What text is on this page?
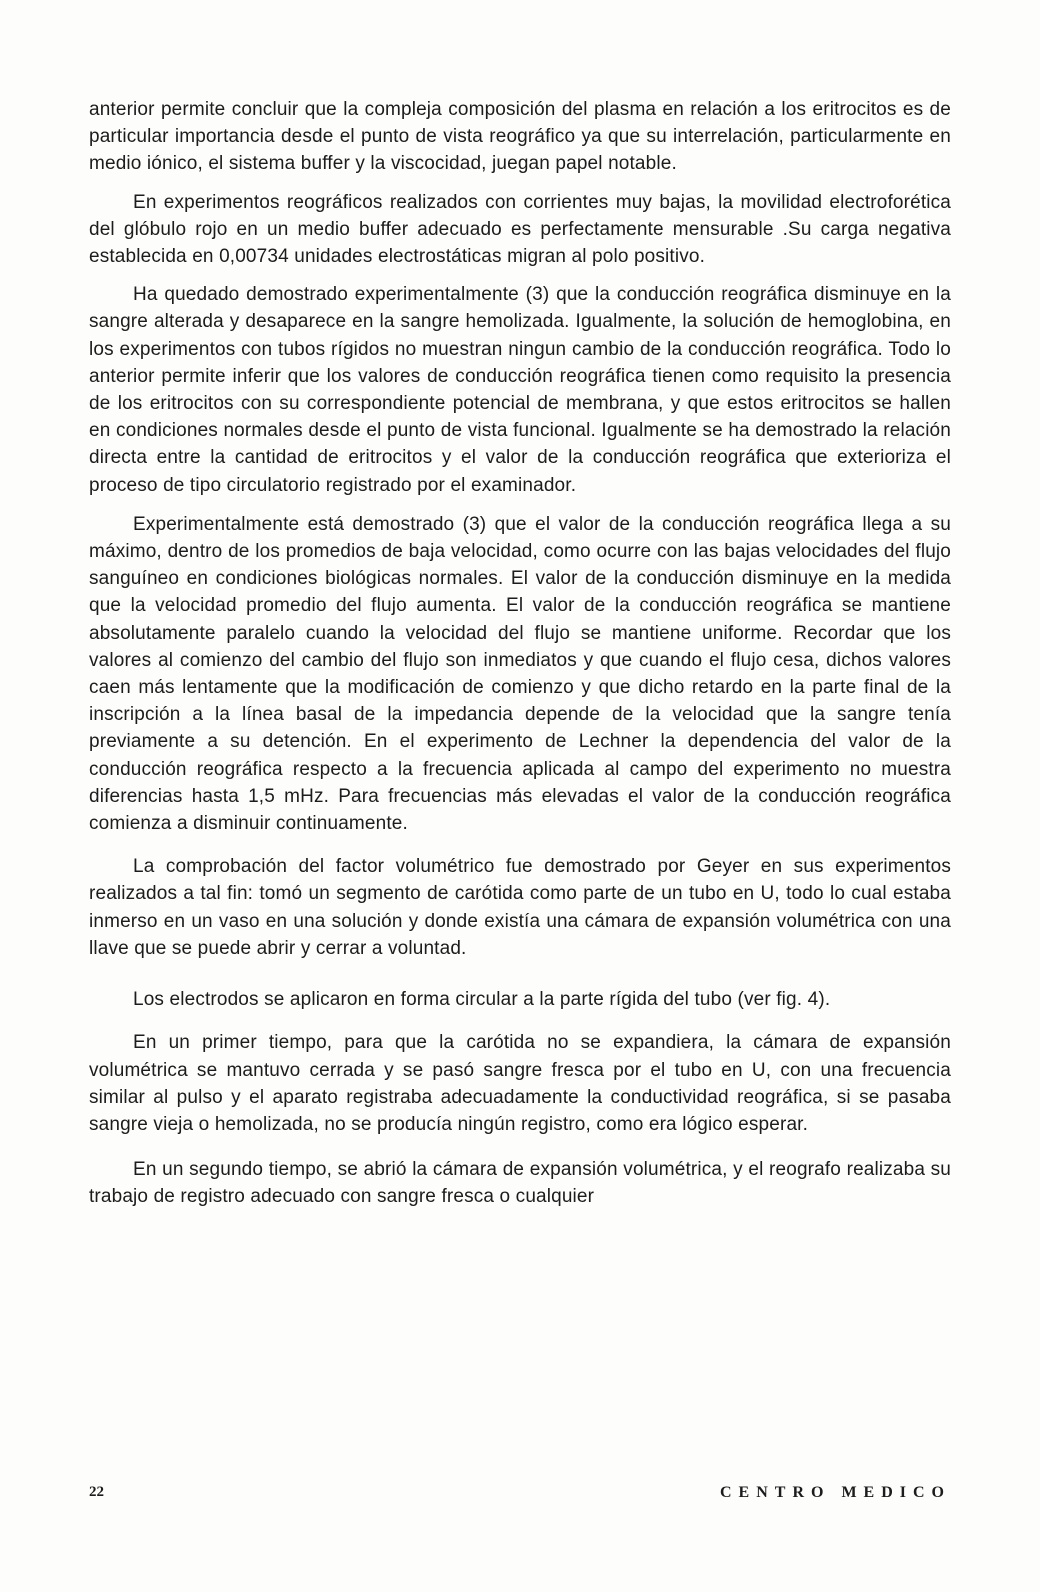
anterior permite concluir que la compleja composición del plasma en relación a los eritrocitos es de particular importancia desde el punto de vista reográfico ya que su interrelación, particularmente en medio iónico, el sistema buffer y la viscocidad, juegan papel notable.

En experimentos reográficos realizados con corrientes muy bajas, la movilidad electroforética del glóbulo rojo en un medio buffer adecuado es perfectamente mensurable .Su carga negativa establecida en 0,00734 unidades electrostáticas migran al polo positivo.

Ha quedado demostrado experimentalmente (3) que la conducción reográfica disminuye en la sangre alterada y desaparece en la sangre hemolizada. Igualmente, la solución de hemoglobina, en los experimentos con tubos rígidos no muestran ningun cambio de la conducción reográfica. Todo lo anterior permite inferir que los valores de conducción reográfica tienen como requisito la presencia de los eritrocitos con su correspondiente potencial de membrana, y que estos eritrocitos se hallen en condiciones normales desde el punto de vista funcional. Igualmente se ha demostrado la relación directa entre la cantidad de eritrocitos y el valor de la conducción reográfica que exterioriza el proceso de tipo circulatorio registrado por el examinador.

Experimentalmente está demostrado (3) que el valor de la conducción reográfica llega a su máximo, dentro de los promedios de baja velocidad, como ocurre con las bajas velocidades del flujo sanguíneo en condiciones biológicas normales. El valor de la conducción disminuye en la medida que la velocidad promedio del flujo aumenta. El valor de la conducción reográfica se mantiene absolutamente paralelo cuando la velocidad del flujo se mantiene uniforme. Recordar que los valores al comienzo del cambio del flujo son inmediatos y que cuando el flujo cesa, dichos valores caen más lentamente que la modificación de comienzo y que dicho retardo en la parte final de la inscripción a la línea basal de la impedancia depende de la velocidad que la sangre tenía previamente a su detención. En el experimento de Lechner la dependencia del valor de la conducción reográfica respecto a la frecuencia aplicada al campo del experimento no muestra diferencias hasta 1,5 mHz. Para frecuencias más elevadas el valor de la conducción reográfica comienza a disminuir continuamente.

La comprobación del factor volumétrico fue demostrado por Geyer en sus experimentos realizados a tal fin: tomó un segmento de carótida como parte de un tubo en U, todo lo cual estaba inmerso en un vaso en una solución y donde existía una cámara de expansión volumétrica con una llave que se puede abrir y cerrar a voluntad.

Los electrodos se aplicaron en forma circular a la parte rígida del tubo (ver fig. 4).

En un primer tiempo, para que la carótida no se expandiera, la cámara de expansión volumétrica se mantuvo cerrada y se pasó sangre fresca por el tubo en U, con una frecuencia similar al pulso y el aparato registraba adecuadamente la conductividad reográfica, si se pasaba sangre vieja o hemolizada, no se producía ningún registro, como era lógico esperar.

En un segundo tiempo, se abrió la cámara de expansión volumétrica, y el reografo realizaba su trabajo de registro adecuado con sangre fresca o cualquier

22	CENTRO MEDICO
